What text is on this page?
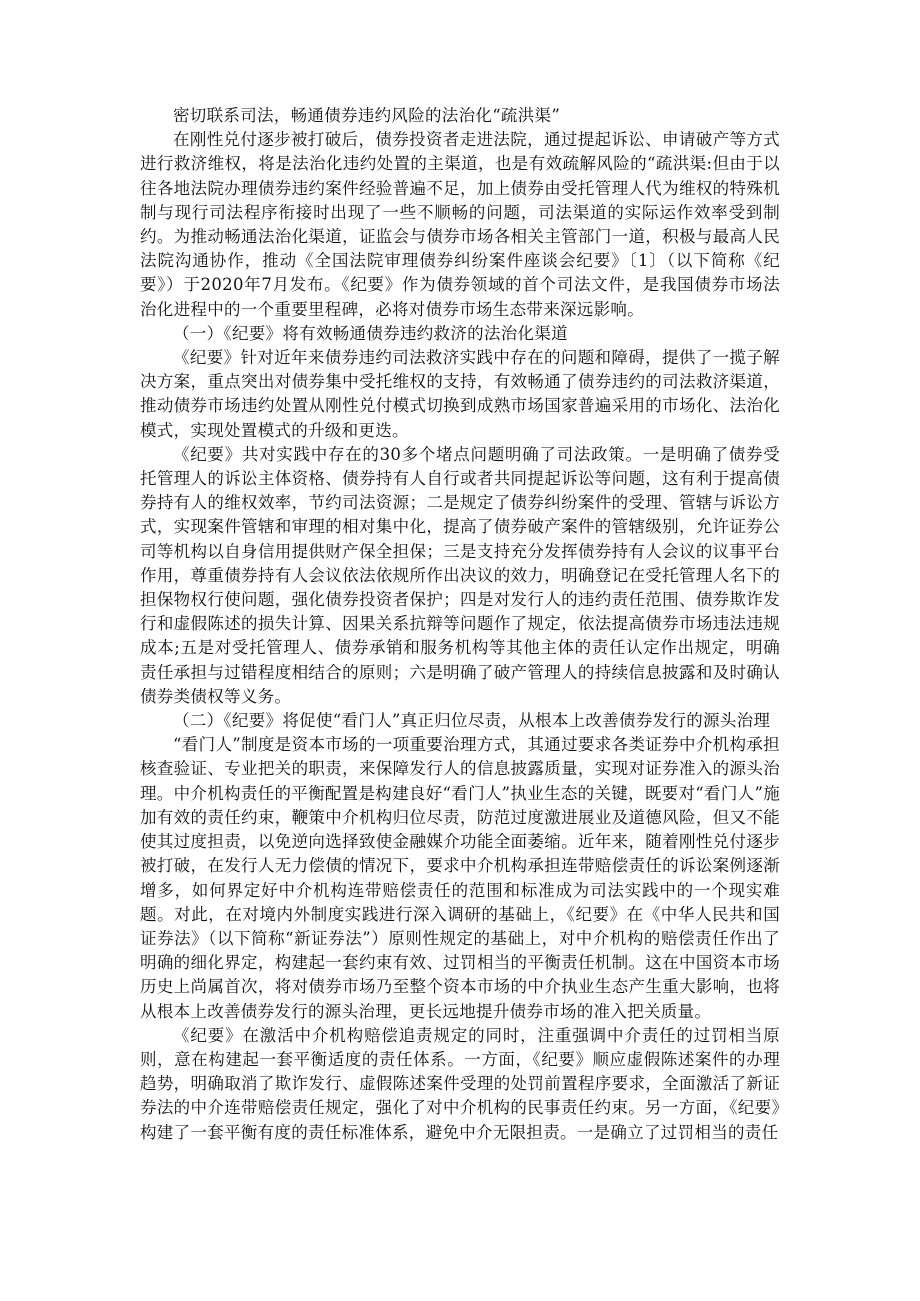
密切联系司法，畅通债券违约风险的法治化“疏洪渠”

在刚性兑付逐步被打破后，债券投资者走进法院，通过提起诉讼、申请破产等方式进行救济维权，将是法治化违约处置的主渠道，也是有效疏解风险的“疏洪渠:但由于以往各地法院办理债券违约案件经验普遍不足，加上债券由受托管理人代为维权的特殊机制与现行司法程序衔接时出现了一些不顺畅的问题，司法渠道的实际运作效率受到制约。为推动畅通法治化渠道，证监会与债券市场各相关主管部门一道，积极与最高人民法院沟通协作，推动《全国法院审理债券纠纷案件座谈会纪要》〔1〕（以下简称《纪要》）于2020年7月发布。《纪要》作为债券领域的首个司法文件，是我国债券市场法治化进程中的一个重要里程碑，必将对债券市场生态带来深远影响。

（一）《纪要》将有效畅通债券违约救济的法治化渠道

《纪要》针对近年来债券违约司法救济实践中存在的问题和障碍，提供了一揽子解决方案，重点突出对债券集中受托维权的支持，有效畅通了债券违约的司法救济渠道，推动债券市场违约处置从刚性兑付模式切换到成熟市场国家普遍采用的市场化、法治化模式，实现处置模式的升级和更迭。

《纪要》共对实践中存在的30多个堵点问题明确了司法政策。一是明确了债券受托管理人的诉讼主体资格、债券持有人自行或者共同提起诉讼等问题，这有利于提高债券持有人的维权效率，节约司法资源；二是规定了债券纠纷案件的受理、管辖与诉讼方式，实现案件管辖和审理的相对集中化，提高了债券破产案件的管辖级别，允许证券公司等机构以自身信用提供财产保全担保；三是支持充分发挥债券持有人会议的议事平台作用，尊重债券持有人会议依法依规所作出决议的效力，明确登记在受托管理人名下的担保物权行使问题，强化债券投资者保护；四是对发行人的违约责任范围、债券欺诈发行和虚假陈述的损失计算、因果关系抗辩等问题作了规定，依法提高债券市场违法违规成本;五是对受托管理人、债券承销和服务机构等其他主体的责任认定作出规定，明确责任承担与过错程度相结合的原则；六是明确了破产管理人的持续信息披露和及时确认债券类债权等义务。

（二）《纪要》将促使“看门人”真正归位尽责，从根本上改善债券发行的源头治理

“看门人”制度是资本市场的一项重要治理方式，其通过要求各类证券中介机构承担核查验证、专业把关的职责，来保障发行人的信息披露质量，实现对证券准入的源头治理。中介机构责任的平衡配置是构建良好“看门人”执业生态的关键，既要对“看门人”施加有效的责任约束，鞭策中介机构归位尽责，防范过度激进展业及道德风险，但又不能使其过度担责，以免逆向选择致使金融媒介功能全面萎缩。近年来，随着刚性兑付逐步被打破，在发行人无力偿债的情况下，要求中介机构承担连带赔偿责任的诉讼案例逐渐增多，如何界定好中介机构连带赔偿责任的范围和标准成为司法实践中的一个现实难题。对此，在对境内外制度实践进行深入调研的基础上，《纪要》在《中华人民共和国证券法》（以下简称“新证券法”）原则性规定的基础上，对中介机构的赔偿责任作出了明确的细化界定，构建起一套约束有效、过罚相当的平衡责任机制。这在中国资本市场历史上尚属首次，将对债券市场乃至整个资本市场的中介执业生态产生重大影响，也将从根本上改善债券发行的源头治理，更长远地提升债券市场的准入把关质量。

《纪要》在激活中介机构赔偿追责规定的同时，注重强调中介责任的过罚相当原则，意在构建起一套平衡适度的责任体系。一方面，《纪要》顺应虚假陈述案件的办理趋势，明确取消了欺诈发行、虚假陈述案件受理的处罚前置程序要求，全面激活了新证券法的中介连带赔偿责任规定，强化了对中介机构的民事责任约束。另一方面，《纪要》构建了一套平衡有度的责任标准体系，避免中介无限担责。一是确立了过罚相当的责任
